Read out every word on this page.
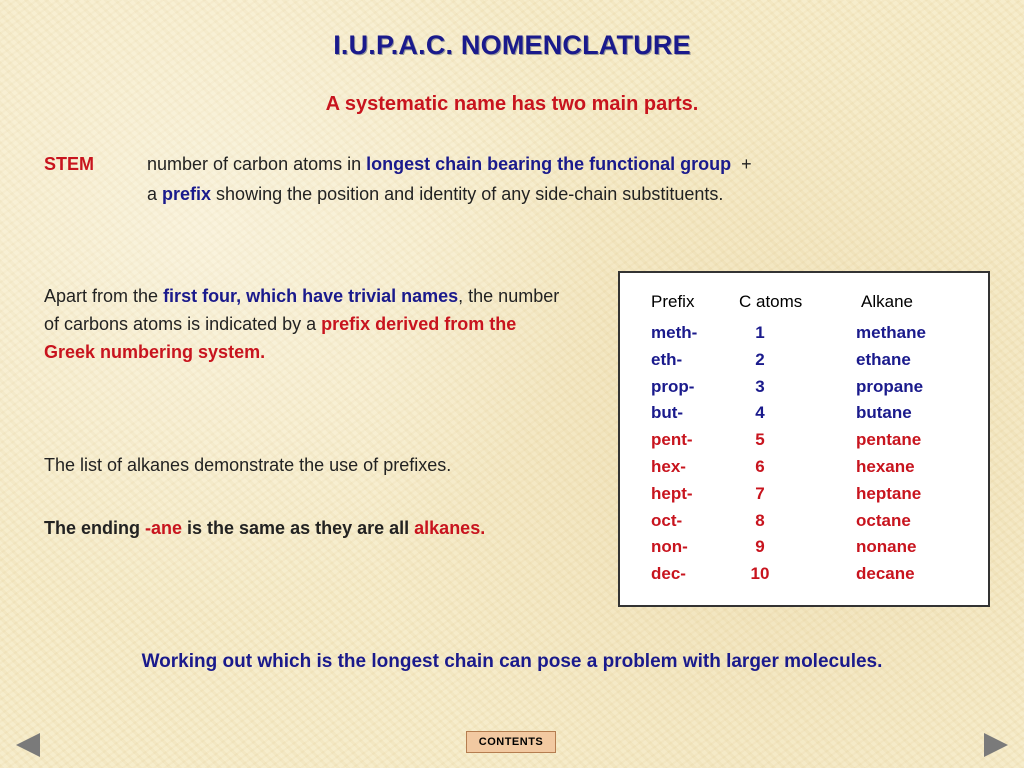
I.U.P.A.C. NOMENCLATURE
A systematic name has two main parts.
STEM	number of carbon atoms in longest chain bearing the functional group  +
a prefix showing the position and identity of any side-chain substituents.
Apart from the first four, which have trivial names, the number of carbons atoms is indicated by a prefix derived from the Greek numbering system.
The list of alkanes demonstrate the use of prefixes.
The ending -ane is the same as they are all alkanes.
Prefix	C atoms	Alkane
meth-	1	methane
eth-	2	ethane
prop-	3	propane
but-	4	butane
pent-	5	pentane
hex-	6	hexane
hept-	7	heptane
oct-	8	octane
non-	9	nonane
dec-	10	decane
Working out which is the longest chain can pose a problem with larger molecules.
CONTENTS
